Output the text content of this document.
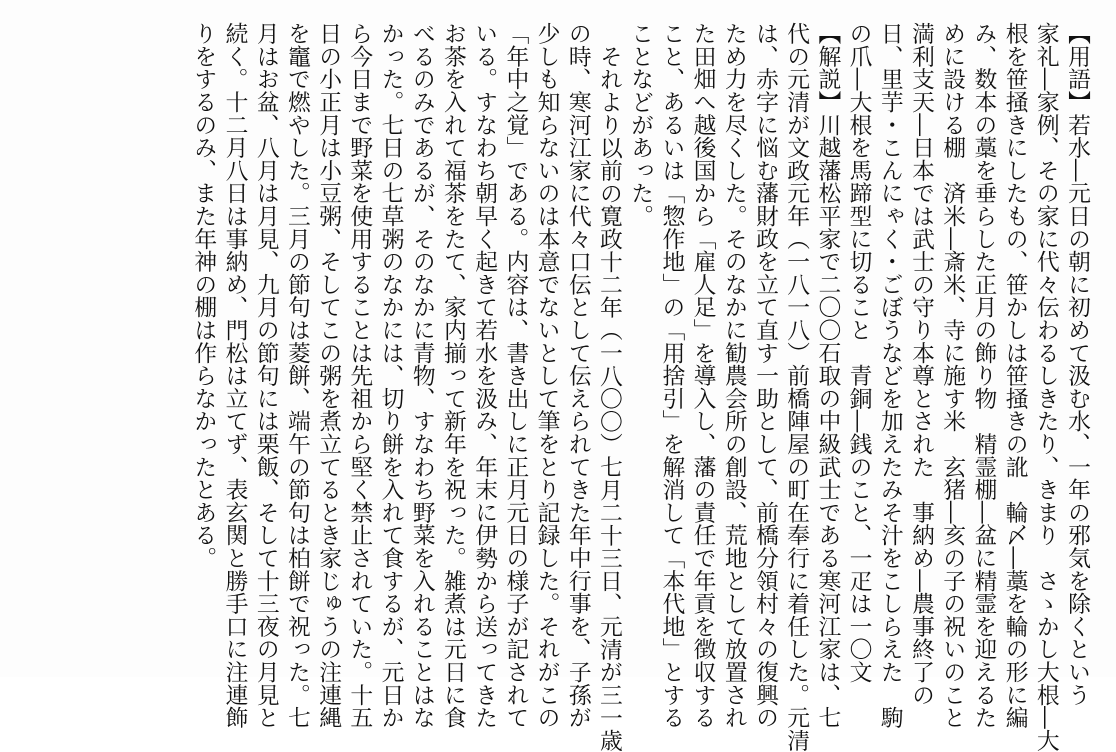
【用語】若水―元日の朝に初めて汲む水、一年の邪気を除くという
家礼―家例、その家に代々伝わるしきたり、きまり　さゝかし大根―大
根を笹掻きにしたもの、笹かしは笹掻きの訛　輪〆―藁を輪の形に編
み、数本の藁を垂らした正月の飾り物　精霊棚―盆に精霊を迎えるた
めに設ける棚　済米―斎米、寺に施す米　玄猪―亥の子の祝いのこと
満利支天―日本では武士の守り本尊とされた　事納め―農事終了の
日、里芋・こんにゃく・ごぼうなどを加えたみそ汁をこしらえた　駒
の爪―大根を馬蹄型に切ること　青銅―銭のこと、一疋は一〇文
【解説】川越藩松平家で二〇〇石取の中級武士である寒河江家は、七
代の元清が文政元年（一八一八）前橋陣屋の町在奉行に着任した。元清
は、赤字に悩む藩財政を立て直す一助として、前橋分領村々の復興の
ため力を尽くした。そのなかに勧農会所の創設、荒地として放置され
た田畑へ越後国から「雇人足」を導入し、藩の責任で年貢を徴収する
こと、あるいは「惣作地」の「用捨引」を解消して「本代地」とする
ことなどがあった。
それより以前の寛政十二年（一八〇〇）七月二十三日、元清が三一歳
の時、寒河江家に代々口伝として伝えられてきた年中行事を、子孫が
少しも知らないのは本意でないとして筆をとり記録した。それがこの
「年中之覚」である。内容は、書き出しに正月元日の様子が記されて
いる。すなわち朝早く起きて若水を汲み、年末に伊勢から送ってきた
お茶を入れて福茶をたて、家内揃って新年を祝った。雑煮は元日に食
べるのみであるが、そのなかに青物、すなわち野菜を入れることはな
かった。七日の七草粥のなかには、切り餅を入れて食するが、元日か
ら今日まで野菜を使用することは先祖から堅く禁止されていた。十五
日の小正月は小豆粥、そしてこの粥を煮立てるとき家じゅうの注連縄
を竈で燃やした。三月の節句は菱餅、端午の節句は柏餅で祝った。七
月はお盆、八月は月見、九月の節句には栗飯、そして十三夜の月見と
続く。十二月八日は事納め、門松は立てず、表玄関と勝手口に注連飾
りをするのみ、また年神の棚は作らなかったとある。
